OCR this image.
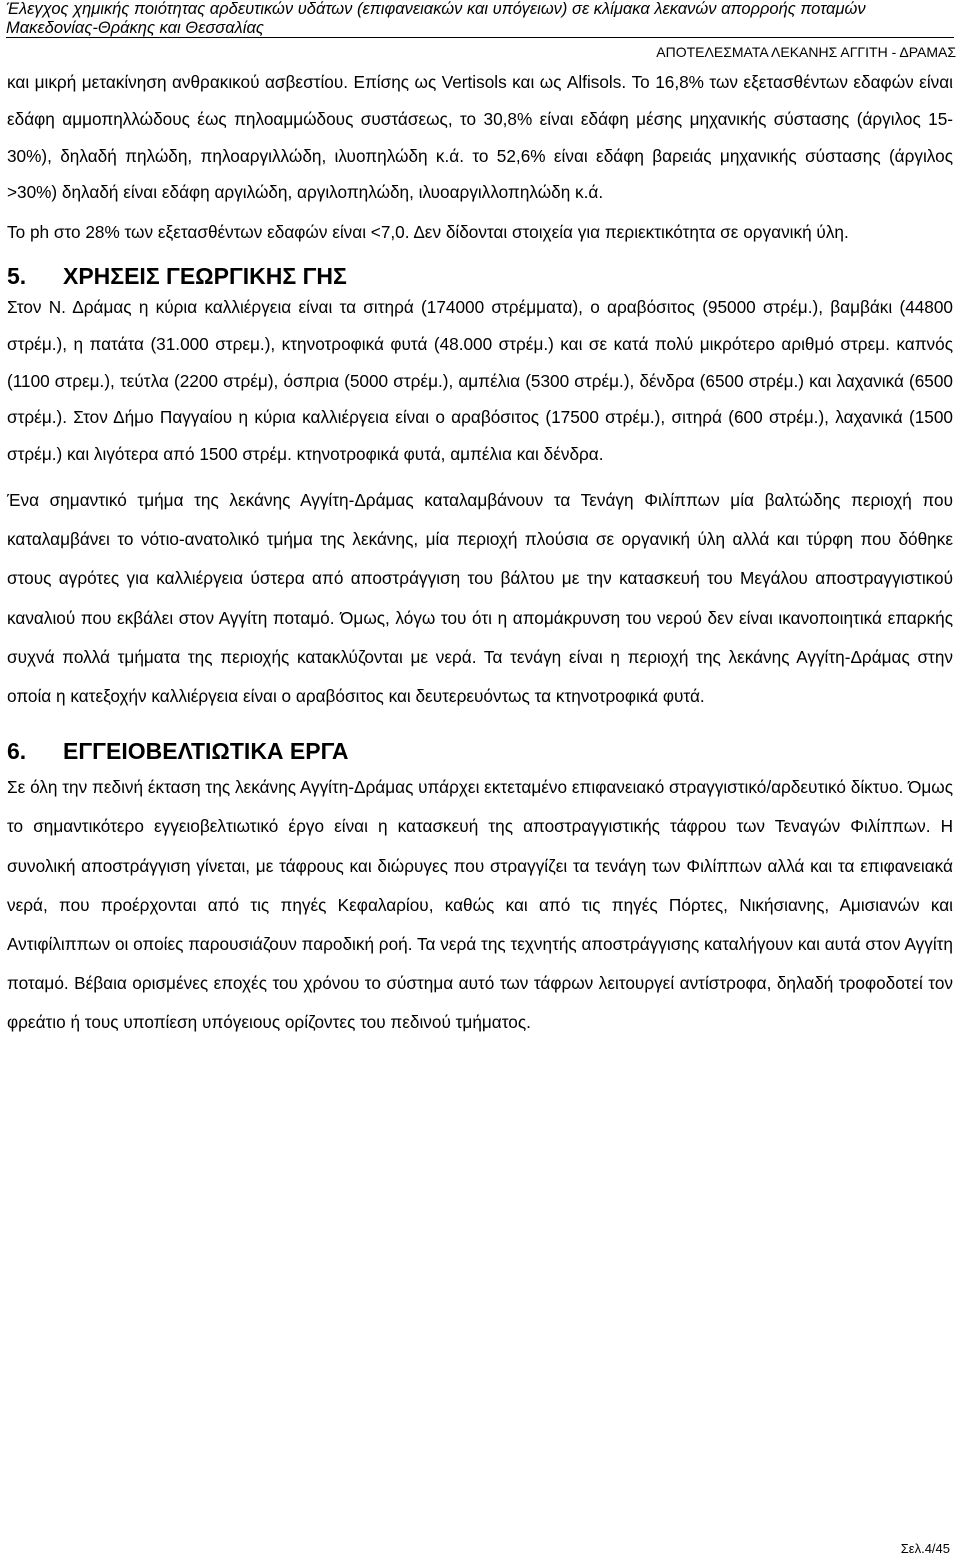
Έλεγχος χημικής ποιότητας αρδευτικών υδάτων (επιφανειακών και υπόγειων) σε κλίμακα λεκανών απορροής ποταμών
Μακεδονίας-Θράκης και Θεσσαλίας
ΑΠΟΤΕΛΕΣΜΑΤΑ ΛΕΚΑΝΗΣ ΑΓΓΙΤΗ - ΔΡΑΜΑΣ

και μικρή μετακίνηση ανθρακικού ασβεστίου. Επίσης ως Vertisols και ως Alfisols. Το 16,8% των εξετασθέντων εδαφών είναι εδάφη αμμοπηλλώδους έως πηλοαμμώδους συστάσεως, το 30,8% είναι εδάφη μέσης μηχανικής σύστασης (άργιλος 15-30%), δηλαδή πηλώδη, πηλοαργιλλώδη, ιλυοπηλώδη κ.ά. το 52,6% είναι εδάφη βαρειάς μηχανικής σύστασης (άργιλος >30%) δηλαδή είναι εδάφη αργιλώδη, αργιλοπηλώδη, ιλυοαργιλλοπηλώδη κ.ά.

Το ph στο 28% των εξετασθέντων εδαφών είναι <7,0. Δεν δίδονται στοιχεία για περιεκτικότητα σε οργανική ύλη.

5.	ΧΡΗΣΕΙΣ ΓΕΩΡΓΙΚΗΣ ΓΗΣ

Στον Ν. Δράμας η κύρια καλλιέργεια είναι τα σιτηρά (174000 στρέμματα), ο αραβόσιτος (95000 στρέμ.), βαμβάκι (44800 στρέμ.), η πατάτα (31.000 στρεμ.), κτηνοτροφικά φυτά (48.000 στρέμ.) και σε κατά πολύ μικρότερο αριθμό στρεμ. καπνός (1100 στρεμ.), τεύτλα (2200 στρέμ), όσπρια (5000 στρέμ.), αμπέλια (5300 στρέμ.), δένδρα (6500 στρέμ.) και λαχανικά (6500 στρέμ.). Στον Δήμο Παγγαίου η κύρια καλλιέργεια είναι ο αραβόσιτος (17500 στρέμ.), σιτηρά (600 στρέμ.), λαχανικά (1500 στρέμ.) και λιγότερα από 1500 στρέμ. κτηνοτροφικά φυτά, αμπέλια και δένδρα.

Ένα σημαντικό τμήμα της λεκάνης Αγγίτη-Δράμας καταλαμβάνουν τα Τενάγη Φιλίππων μία βαλτώδης περιοχή που καταλαμβάνει το νότιο-ανατολικό τμήμα της λεκάνης, μία περιοχή πλούσια σε οργανική ύλη αλλά και τύρφη που δόθηκε στους αγρότες για καλλιέργεια ύστερα από αποστράγγιση του βάλτου με την κατασκευή του Μεγάλου αποστραγγιστικού καναλιού που εκβάλει στον Αγγίτη ποταμό. Όμως, λόγω του ότι η απομάκρυνση του νερού δεν είναι ικανοποιητικά επαρκής συχνά πολλά τμήματα της περιοχής κατακλύζονται με νερά. Τα τενάγη είναι η περιοχή της λεκάνης Αγγίτη-Δράμας στην οποία η κατεξοχήν καλλιέργεια είναι ο αραβόσιτος και δευτερευόντως τα κτηνοτροφικά φυτά.

6.	ΕΓΓΕΙΟΒΕΛΤΙΩΤΙΚΑ ΕΡΓΑ

Σε όλη την πεδινή έκταση της λεκάνης Αγγίτη-Δράμας υπάρχει εκτεταμένο επιφανειακό στραγγιστικό/αρδευτικό δίκτυο. Όμως το σημαντικότερο εγγειοβελτιωτικό έργο είναι η κατασκευή της αποστραγγιστικής τάφρου των Τεναγών Φιλίππων. Η συνολική αποστράγγιση γίνεται, με τάφρους και διώρυγες που στραγγίζει τα τενάγη των Φιλίππων αλλά και τα επιφανειακά νερά, που προέρχονται από τις πηγές Κεφαλαρίου, καθώς και από τις πηγές Πόρτες, Νικήσιανης, Αμισιανών και Αντιφίλιππων οι οποίες παρουσιάζουν παροδική ροή. Τα νερά της τεχνητής αποστράγγισης καταλήγουν και αυτά στον Αγγίτη ποταμό. Βέβαια ορισμένες εποχές του χρόνου το σύστημα αυτό των τάφρων λειτουργεί αντίστροφα, δηλαδή τροφοδοτεί τον φρεάτιο ή τους υποπίεση υπόγειους ορίζοντες του πεδινού τμήματος.

Σελ.4/45
